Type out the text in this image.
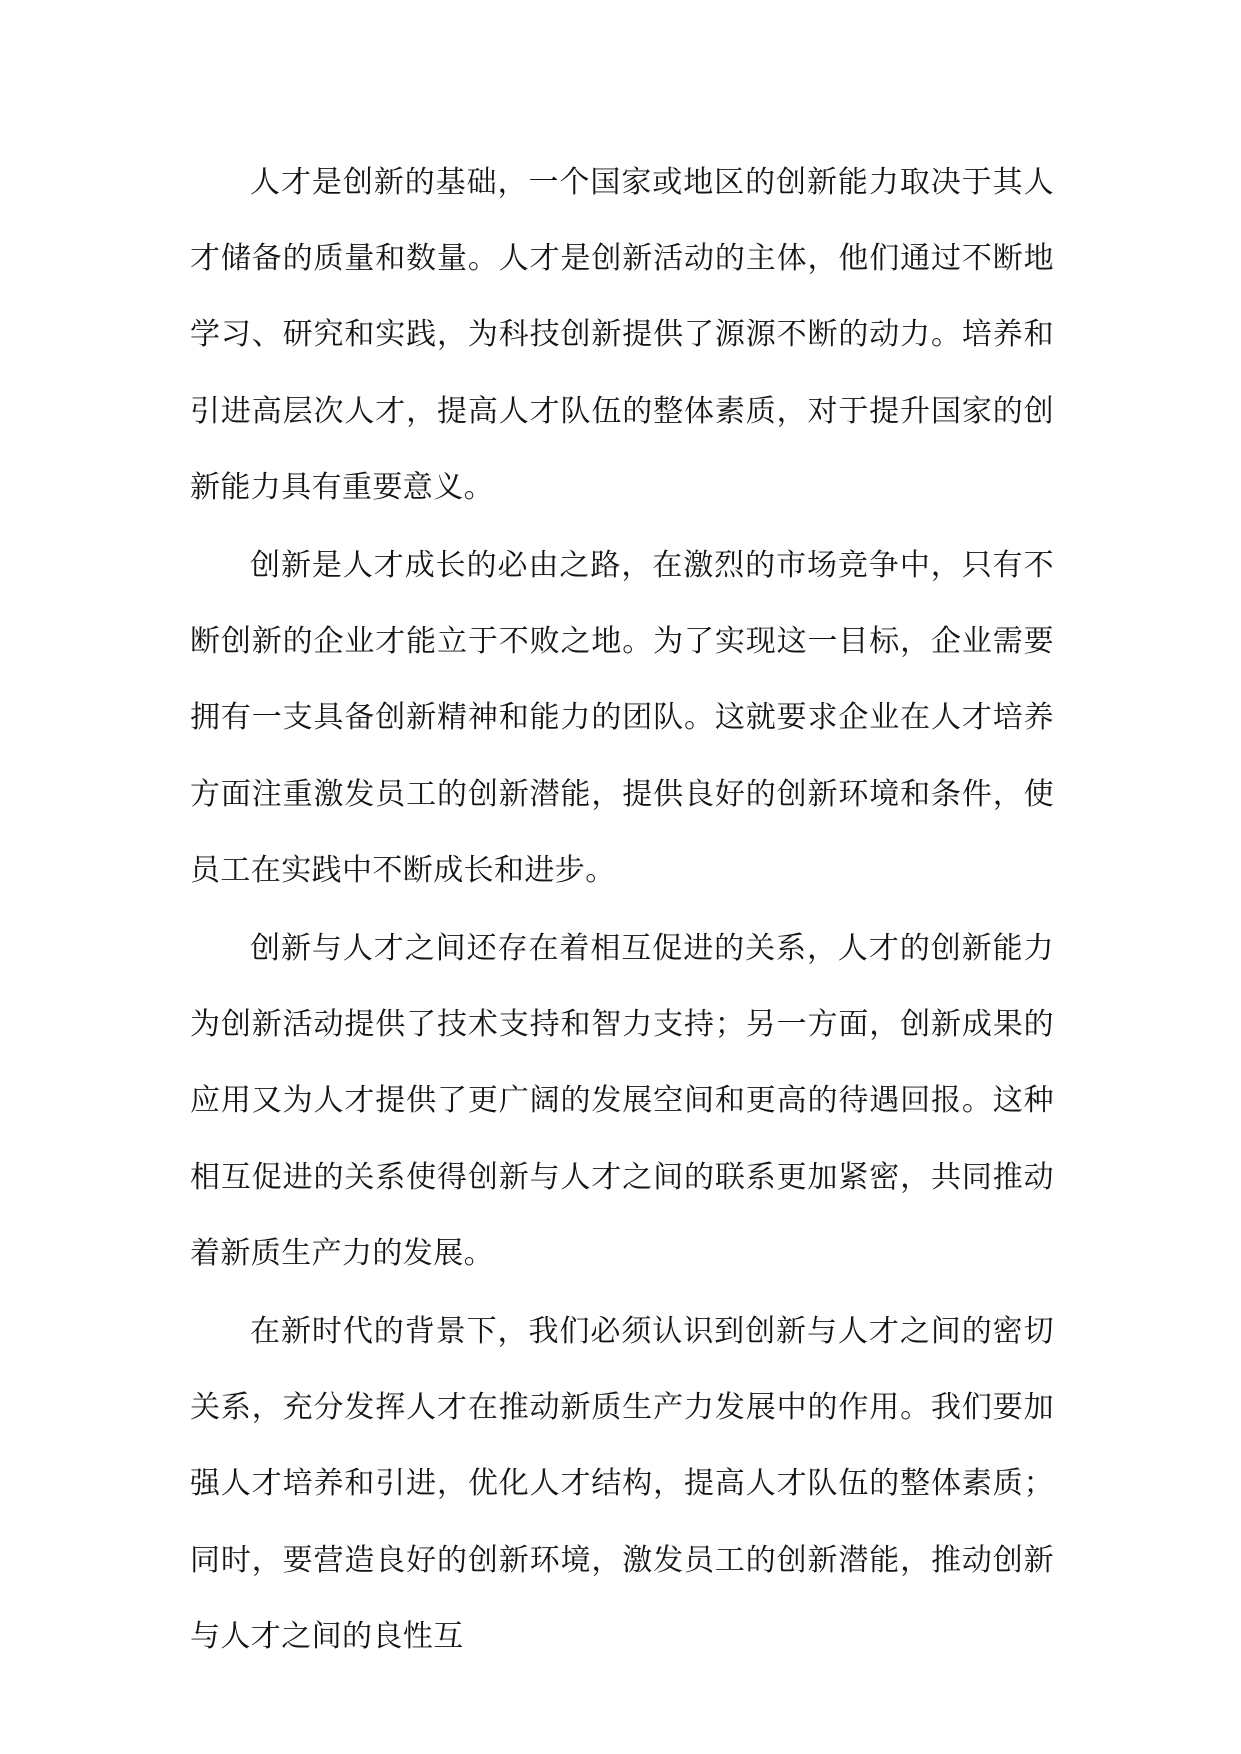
人才是创新的基础，一个国家或地区的创新能力取决于其人才储备的质量和数量。人才是创新活动的主体，他们通过不断地学习、研究和实践，为科技创新提供了源源不断的动力。培养和引进高层次人才，提高人才队伍的整体素质，对于提升国家的创新能力具有重要意义。

创新是人才成长的必由之路，在激烈的市场竞争中，只有不断创新的企业才能立于不败之地。为了实现这一目标，企业需要拥有一支具备创新精神和能力的团队。这就要求企业在人才培养方面注重激发员工的创新潜能，提供良好的创新环境和条件，使员工在实践中不断成长和进步。

创新与人才之间还存在着相互促进的关系，人才的创新能力为创新活动提供了技术支持和智力支持；另一方面，创新成果的应用又为人才提供了更广阔的发展空间和更高的待遇回报。这种相互促进的关系使得创新与人才之间的联系更加紧密，共同推动着新质生产力的发展。

在新时代的背景下，我们必须认识到创新与人才之间的密切关系，充分发挥人才在推动新质生产力发展中的作用。我们要加强人才培养和引进，优化人才结构，提高人才队伍的整体素质；同时，要营造良好的创新环境，激发员工的创新潜能，推动创新与人才之间的良性互
